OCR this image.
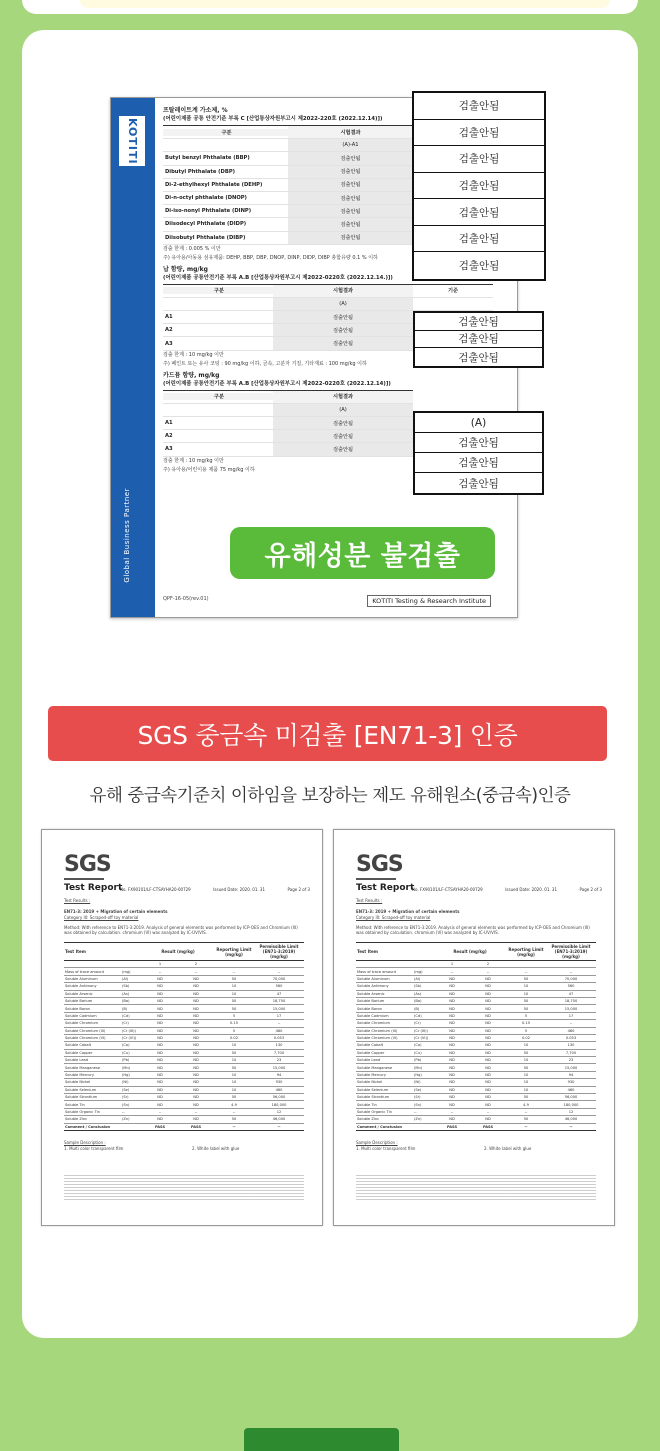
KOTITI
Global Business Partner
프탈레이트계 가소제, %
(어린이제품 공통 안전기준 부록 C [산업통상자원부고시 제2022-220호 (2022.12.14)])
구분	시험결과
(A)-A1
Butyl benzyl Phthalate (BBP)	검출안됨
Dibutyl Phthalate (DBP)	검출안됨
Di-2-ethylhexyl Phthalate (DEHP)	검출안됨
Di-n-octyl phthalate (DNOP)	검출안됨
Di-iso-nonyl Phthalate (DINP)	검출안됨
Diisodecyl Phthalate (DIDP)	검출안됨
Diisobutyl Phthalate (DIBP)	검출안됨
검출 한계 : 0.005 % 이만
주) 유아용/아동용 섬유제품: DEHP, BBP, DBP, DNOP, DINP, DIDP, DIBP 총함유량 0.1 % 이하
납 함량, mg/kg
(어린이제품 공통안전기준 부록 A.B [산업통상자원부고시 제2022-0220호 (2022.12.14.)])
구분	시험결과	기준
(A)
A1	검출안됨
A2	검출안됨
A3	검출안됨
검출 한계 : 10 mg/kg 이만
주) 페인트 또는 유사 코팅 : 90 mg/kg 이하, 금속, 고분자 기질, 기타재료 : 100 mg/kg 이하
카드뮴 함량, mg/kg
(어린이제품 공통안전기준 부록 A.B [산업통상자원부고시 제2022-0220호 (2022.12.14)])
구분	시험결과
(A)
A1	검출안됨
A2	검출안됨
A3	검출안됨
검출 한계 : 10 mg/kg 이만
주) 유아용/어린이용 제품 75 mg/kg 이하
유해성분 불검출
QPF-16-05(rev.01)	KOTITI Testing & Research Institute
검출안됨
검출안됨
검출안됨
검출안됨
검출안됨
검출안됨
검출안됨
검출안됨
검출안됨
검출안됨
(A)
검출안됨
검출안됨
검출안됨
SGS 중금속 미검출 [EN71-3] 인증
유해 중금속기준치 이하임을 보장하는 제도 유해원소(중금속)인증
SGS
Test Report
No. FX90101/LF-CTSAYHA20-00729	Issued Date: 2020. 01. 31	Page 2 of 3
Test Results :
EN71-3: 2019 + Migration of certain elements
Category III: Scraped-off toy material
Method: With reference to EN71-3:2019. Analysis of general elements was performed by ICP-OES and Chromium (III) was obtained by calculation. chromium (VI) was analyzed by IC-UV/VIS.
Test Item	Result (mg/kg)	Reporting Limit (mg/kg)
Permissible Limit (EN71-3:2019) (mg/kg)
1	2
Mass of trace amount	(mg)	--	--	--	--
Soluble Aluminum	(Al)	ND	ND	50	70,000
Soluble Antimony	(Sb)	ND	ND	10	560
Soluble Arsenic	(As)	ND	ND	10	47
Soluble Barium	(Ba)	ND	ND	50	18,750
Soluble Boron	(B)	ND	ND	50	15,000
Soluble Cadmium	(Cd)	ND	ND	5	17
Soluble Chromium	(Cr)	ND	ND	0.15	--
Soluble Chromium (III)	(Cr (III))	ND	ND	5	460
Soluble Chromium (VI)	(Cr (VI))	ND	ND	0.02	0.053
Soluble Cobalt	(Co)	ND	ND	10	130
Soluble Copper	(Cu)	ND	ND	50	7,700
Soluble Lead	(Pb)	ND	ND	10	23
Soluble Manganese	(Mn)	ND	ND	50	15,000
Soluble Mercury	(Hg)	ND	ND	10	94
Soluble Nickel	(Ni)	ND	ND	10	930
Soluble Selenium	(Se)	ND	ND	10	460
Soluble Strontium	(Sr)	ND	ND	50	56,000
Soluble Tin	(Sn)	ND	ND	4.9	180,000
Soluble Organic Tin	--	--	--	--	12
Soluble Zinc	(Zn)	ND	ND	50	46,000
Comment / Conclusion	PASS	PASS	--	--
Sample Description :
1. Multi color transparent film	2. White label with glue
SGS
Test Report
No. FX90101/LF-CTSAYHA20-00729	Issued Date: 2020. 01. 31	Page 2 of 3
Test Results :
EN71-3: 2019 + Migration of certain elements
Category III: Scraped-off toy material
Method: With reference to EN71-3:2019. Analysis of general elements was performed by ICP-OES and Chromium (III) was obtained by calculation. chromium (VI) was analyzed by IC-UV/VIS.
Test Item	Result (mg/kg)	Reporting Limit (mg/kg)
Permissible Limit (EN71-3:2019) (mg/kg)
1	2
Mass of trace amount	(mg)	--	--	--	--
Soluble Aluminum	(Al)	ND	ND	50	70,000
Soluble Antimony	(Sb)	ND	ND	10	560
Soluble Arsenic	(As)	ND	ND	10	47
Soluble Barium	(Ba)	ND	ND	50	18,750
Soluble Boron	(B)	ND	ND	50	15,000
Soluble Cadmium	(Cd)	ND	ND	5	17
Soluble Chromium	(Cr)	ND	ND	0.15	--
Soluble Chromium (III)	(Cr (III))	ND	ND	5	460
Soluble Chromium (VI)	(Cr (VI))	ND	ND	0.02	0.053
Soluble Cobalt	(Co)	ND	ND	10	130
Soluble Copper	(Cu)	ND	ND	50	7,700
Soluble Lead	(Pb)	ND	ND	10	23
Soluble Manganese	(Mn)	ND	ND	50	15,000
Soluble Mercury	(Hg)	ND	ND	10	94
Soluble Nickel	(Ni)	ND	ND	10	930
Soluble Selenium	(Se)	ND	ND	10	460
Soluble Strontium	(Sr)	ND	ND	50	56,000
Soluble Tin	(Sn)	ND	ND	4.9	180,000
Soluble Organic Tin	--	--	--	--	12
Soluble Zinc	(Zn)	ND	ND	50	46,000
Comment / Conclusion	PASS	PASS	--	--
Sample Description :
1. Multi color transparent film	2. White label with glue
